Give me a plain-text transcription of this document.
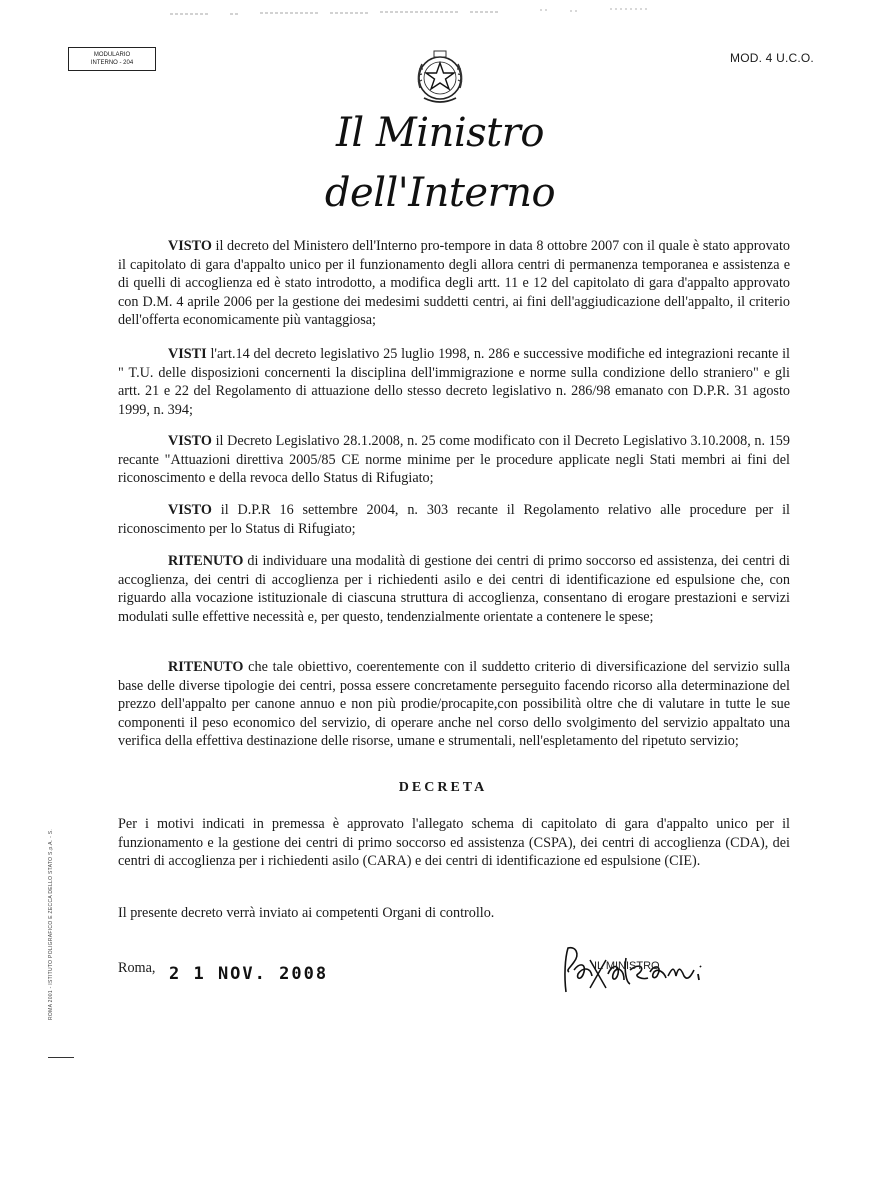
MODULARIO
INTERNO - 204	MOD. 4 U.C.O.
Il Ministro dell'Interno

VISTO il decreto del Ministero dell'Interno pro-tempore in data 8 ottobre 2007 con il quale è stato approvato il capitolato di gara d'appalto unico per il funzionamento degli allora centri di permanenza temporanea e assistenza e di quelli di accoglienza ed è stato introdotto, a modifica degli artt. 11 e 12 del capitolato di gara d'appalto approvato con D.M. 4 aprile 2006 per la gestione dei medesimi suddetti centri, ai fini dell'aggiudicazione dell'appalto, il criterio dell'offerta economicamente più vantaggiosa;

VISTI l'art.14 del decreto legislativo 25 luglio 1998, n. 286 e successive modifiche ed integrazioni recante il " T.U. delle disposizioni concernenti la disciplina dell'immigrazione e norme sulla condizione dello straniero" e gli artt. 21 e 22 del Regolamento di attuazione dello stesso decreto legislativo n. 286/98 emanato con D.P.R. 31 agosto 1999, n. 394;

VISTO il Decreto Legislativo 28.1.2008, n. 25 come modificato con il Decreto Legislativo 3.10.2008, n. 159 recante "Attuazioni direttiva 2005/85 CE norme minime per le procedure applicate negli Stati membri ai fini del riconoscimento e della revoca dello Status di Rifugiato;

VISTO il D.P.R 16 settembre 2004, n. 303 recante il Regolamento relativo alle procedure per il riconoscimento per lo Status di Rifugiato;

RITENUTO di individuare una modalità di gestione dei centri di primo soccorso ed assistenza, dei centri di accoglienza, dei centri di accoglienza per i richiedenti asilo e dei centri di identificazione ed espulsione che, con riguardo alla vocazione istituzionale di ciascuna struttura di accoglienza, consentano di erogare prestazioni e servizi modulati sulle effettive necessità e, per questo, tendenzialmente orientate a contenere le spese;

RITENUTO che tale obiettivo, coerentemente con il suddetto criterio di diversificazione del servizio sulla base delle diverse tipologie dei centri, possa essere concretamente perseguito facendo ricorso alla determinazione del prezzo dell'appalto per canone annuo e non più prodie/procapite,con possibilità oltre che di valutare in tutte le sue componenti il peso economico del servizio, di operare anche nel corso dello svolgimento del servizio appaltato una verifica della effettiva destinazione delle risorse, umane e strumentali, nell'espletamento del ripetuto servizio;

DECRETA

Per i motivi indicati in premessa è approvato l'allegato schema di capitolato di gara d'appalto unico per il funzionamento e la gestione dei centri di primo soccorso ed assistenza (CSPA), dei centri di accoglienza (CDA), dei centri di accoglienza per i richiedenti asilo (CARA) e dei centri di identificazione ed espulsione (CIE).

Il presente decreto verrà inviato ai competenti Organi di controllo.

ROMA 2001 - ISTITUTO POLIGRAFICO E ZECCA DELLO STATO S.p.A. - S.	Roma, 2 1 NOV. 2008	IL MINISTRO
